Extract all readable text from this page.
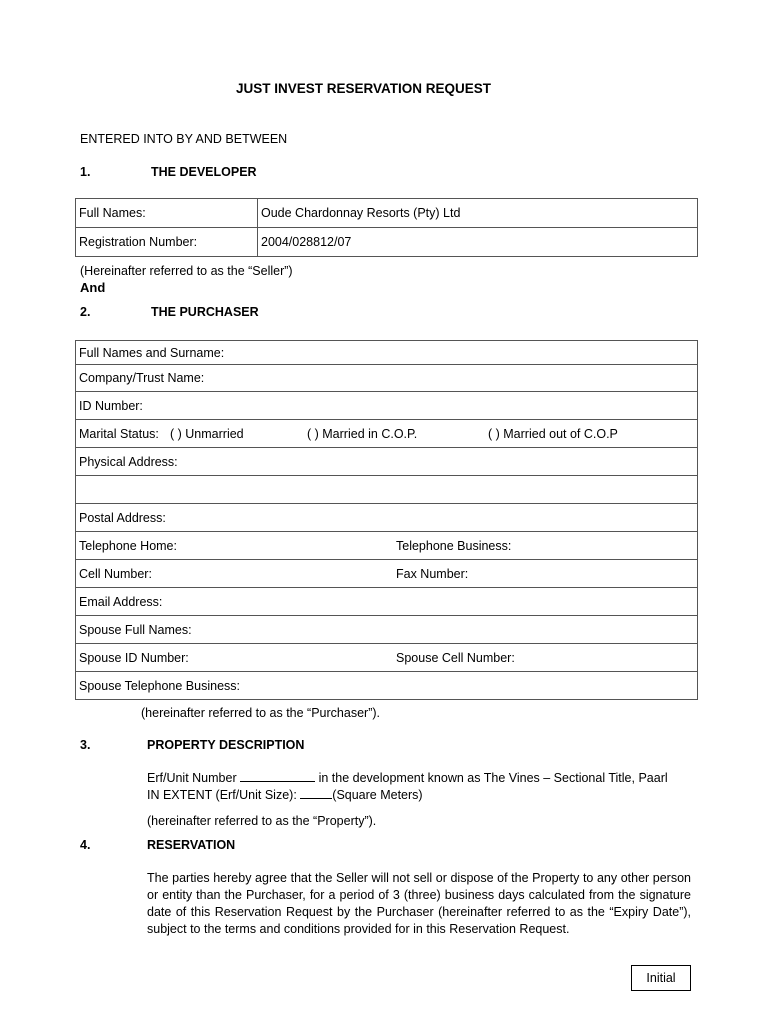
JUST INVEST RESERVATION REQUEST
ENTERED INTO BY AND BETWEEN
1.	THE DEVELOPER
Full Names:	Oude Chardonnay Resorts (Pty) Ltd
Registration Number:	2004/028812/07
(Hereinafter referred to as the “Seller”)
And
2.	THE PURCHASER
Full Names and Surname:	
Company/Trust Name:	
ID Number:	
Marital Status: ( ) Unmarried ( ) Married in C.O.P. ( ) Married out of C.O.P	

Physical Address:	

Postal Address:	
Telephone Home:	Telephone Business:
Cell Number:	Fax Number:
Email Address:	
Spouse Full Names:	
Spouse ID Number:	Spouse Cell Number:
Spouse Telephone Business:	
(hereinafter referred to as the “Purchaser”).
3.	PROPERTY DESCRIPTION
Erf/Unit Number	in the development known as The Vines – Sectional Title, Paarl
IN EXTENT (Erf/Unit Size):	(Square Meters)
(hereinafter referred to as the “Property”).
4.	RESERVATION
The parties hereby agree that the Seller will not sell or dispose of the Property to any other person or entity than the Purchaser, for a period of 3 (three) business days calculated from the signature date of this Reservation Request by the Purchaser (hereinafter referred to as the “Expiry Date”), subject to the terms and conditions provided for in this Reservation Request.
Initial
